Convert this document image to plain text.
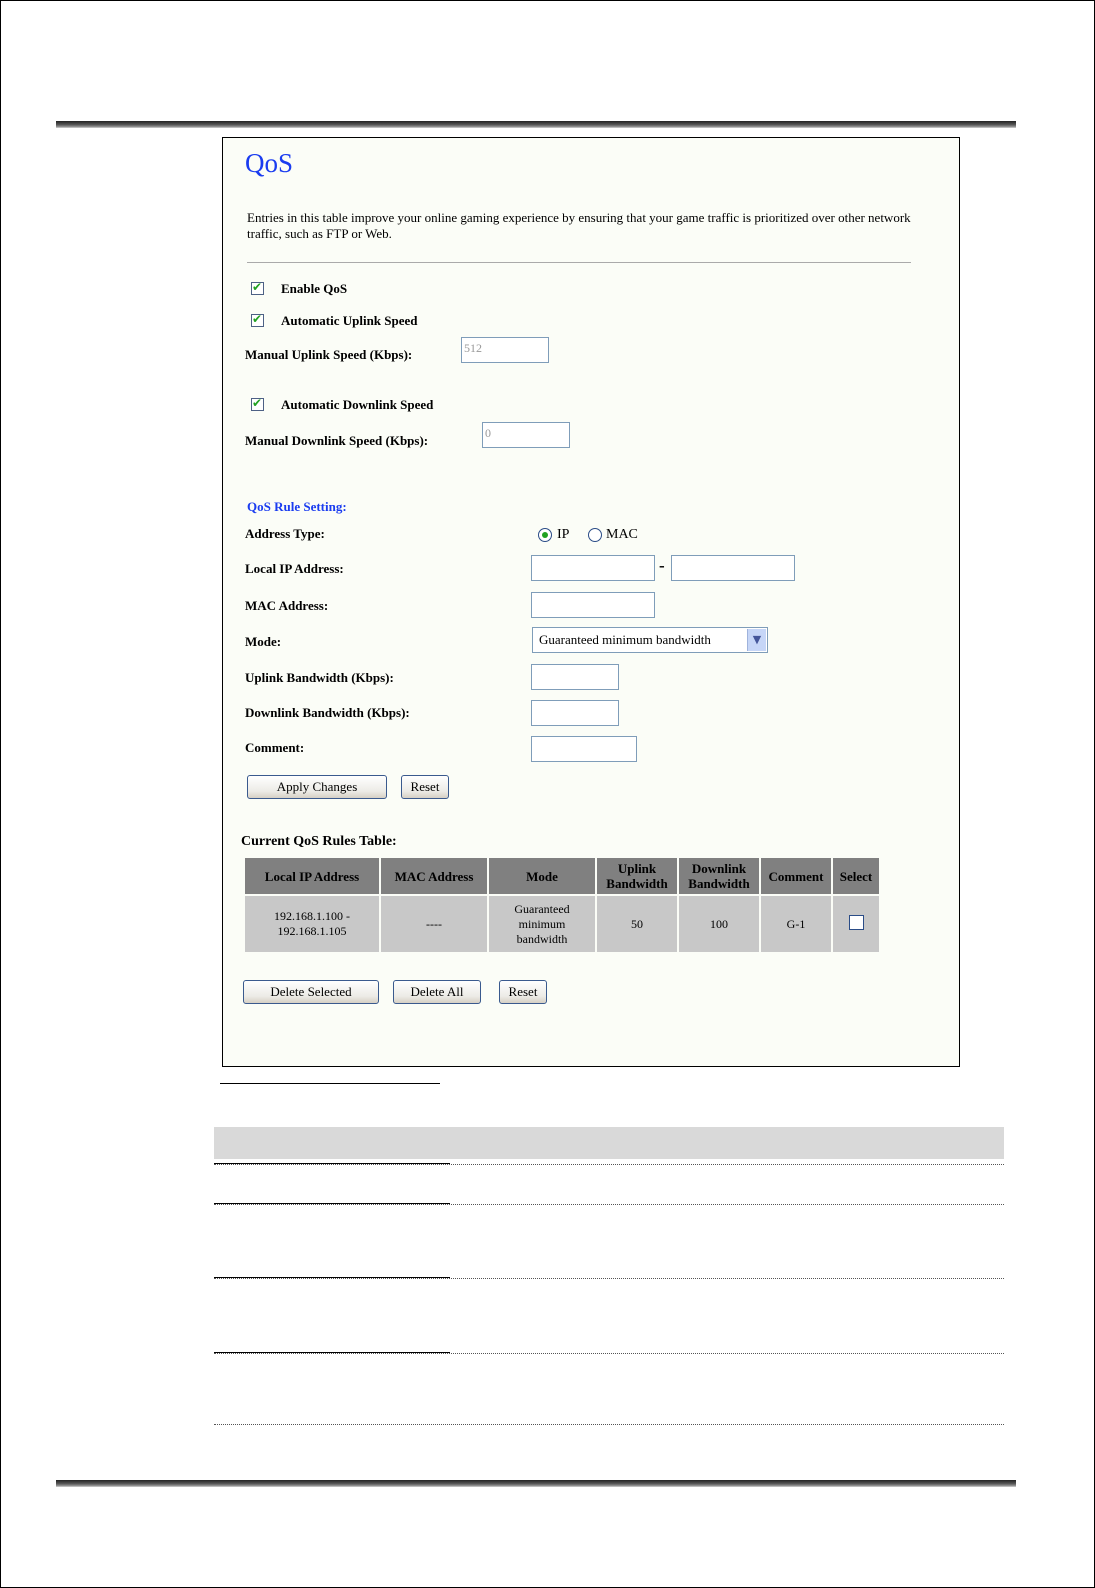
QoS
Entries in this table improve your online gaming experience by ensuring that your game traffic is prioritized over other network traffic, such as FTP or Web.
✔
Enable QoS
✔
Automatic Uplink Speed
Manual Uplink Speed (Kbps):	512
✔
Automatic Downlink Speed
Manual Downlink Speed (Kbps):	0
QoS Rule Setting:
Address Type:	IP	MAC
Local IP Address:	-
MAC Address:
Mode:	Guaranteed minimum bandwidth	▼
Uplink Bandwidth (Kbps):
Downlink Bandwidth (Kbps):
Comment:
Apply Changes	Reset
Current QoS Rules Table:
Local IP Address	MAC Address	Mode	Uplink Bandwidth	Downlink Bandwidth	Comment	Select
192.168.1.100 - 192.168.1.105	----	Guaranteed minimum bandwidth	50	100	G-1	
Delete Selected	Delete All	Reset
